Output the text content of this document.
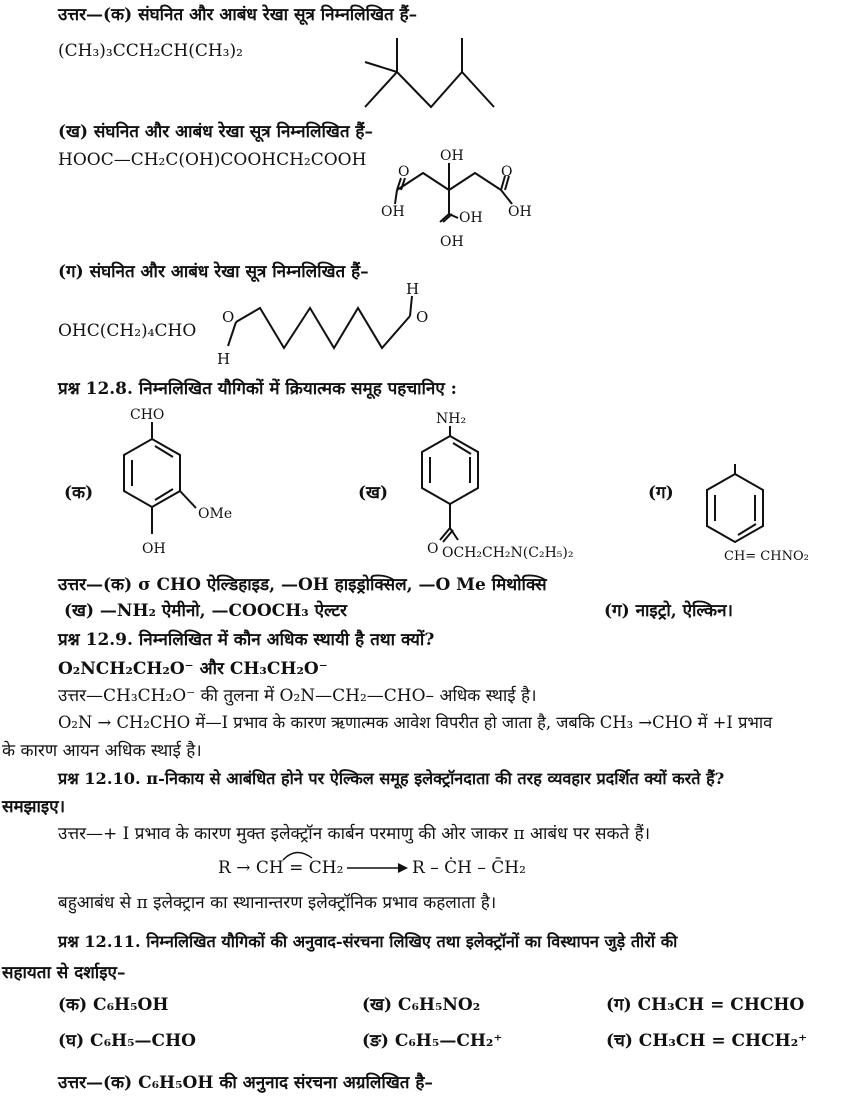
उत्तर—(क) संघनित और आबंध रेखा सूत्र निम्नलिखित हैं–
(CH₃)₃CCH₂CH(CH₃)₂
(ख) संघनित और आबंध रेखा सूत्र निम्नलिखित हैं–
HOOC—CH₂C(OH)COOHCH₂COOH	OH
O	O
OH	OH OH
OH
(ग) संघनित और आबंध रेखा सूत्र निम्नलिखित हैं–
OHC(CH₂)₄CHO
O
H
H
O
प्रश्न 12.8. निम्नलिखित यौगिकों में क्रियात्मक समूह पहचानिए :
CHO
OMe
OH
(क)
NH₂
O OCH₂CH₂N(C₂H₅)₂
(ख)
CH= CHNO₂
(ग)
उत्तर—(क) σ CHO ऐल्डिहाइड, —OH हाइड्रोक्सिल, —O Me मिथोक्सि
(ख) —NH₂ ऐमीनो, —COOCH₃ ऐल्टर	(ग) नाइट्रो, ऐल्किन।
प्रश्न 12.9. निम्नलिखित में कौन अधिक स्थायी है तथा क्यों?
O₂NCH₂CH₂O⁻ और CH₃CH₂O⁻
उत्तर—CH₃CH₂O⁻ की तुलना में O₂N—CH₂—CHO– अधिक स्थाई है।
O₂N → CH₂CHO में—I प्रभाव के कारण ऋणात्मक आवेश विपरीत हो जाता है, जबकि CH₃ →CHO में +I प्रभाव
के कारण आयन अधिक स्थाई है।
प्रश्न 12.10. π-निकाय से आबंधित होने पर ऐल्किल समूह इलेक्ट्रॉनदाता की तरह व्यवहार प्रदर्शित क्यों करते हैं?
समझाइए।
उत्तर—+ I प्रभाव के कारण मुक्त इलेक्ट्रॉन कार्बन परमाणु की ओर जाकर π आबंध पर सकते हैं।
R → CH = CH₂	R – ĊH – C̄H₂
बहुआबंध से π इलेक्ट्रान का स्थानान्तरण इलेक्ट्रॉनिक प्रभाव कहलाता है।
प्रश्न 12.11. निम्नलिखित यौगिकों की अनुवाद-संरचना लिखिए तथा इलेक्ट्रॉनों का विस्थापन जुड़े तीरों की
सहायता से दर्शाइए–
(क) C₆H₅OH	(ख) C₆H₅NO₂	(ग) CH₃CH = CHCHO
(घ) C₆H₅—CHO	(ङ) C₆H₅—CH₂⁺	(च) CH₃CH = CHCH₂⁺
उत्तर—(क) C₆H₅OH की अनुनाद संरचना अग्रलिखित है–
